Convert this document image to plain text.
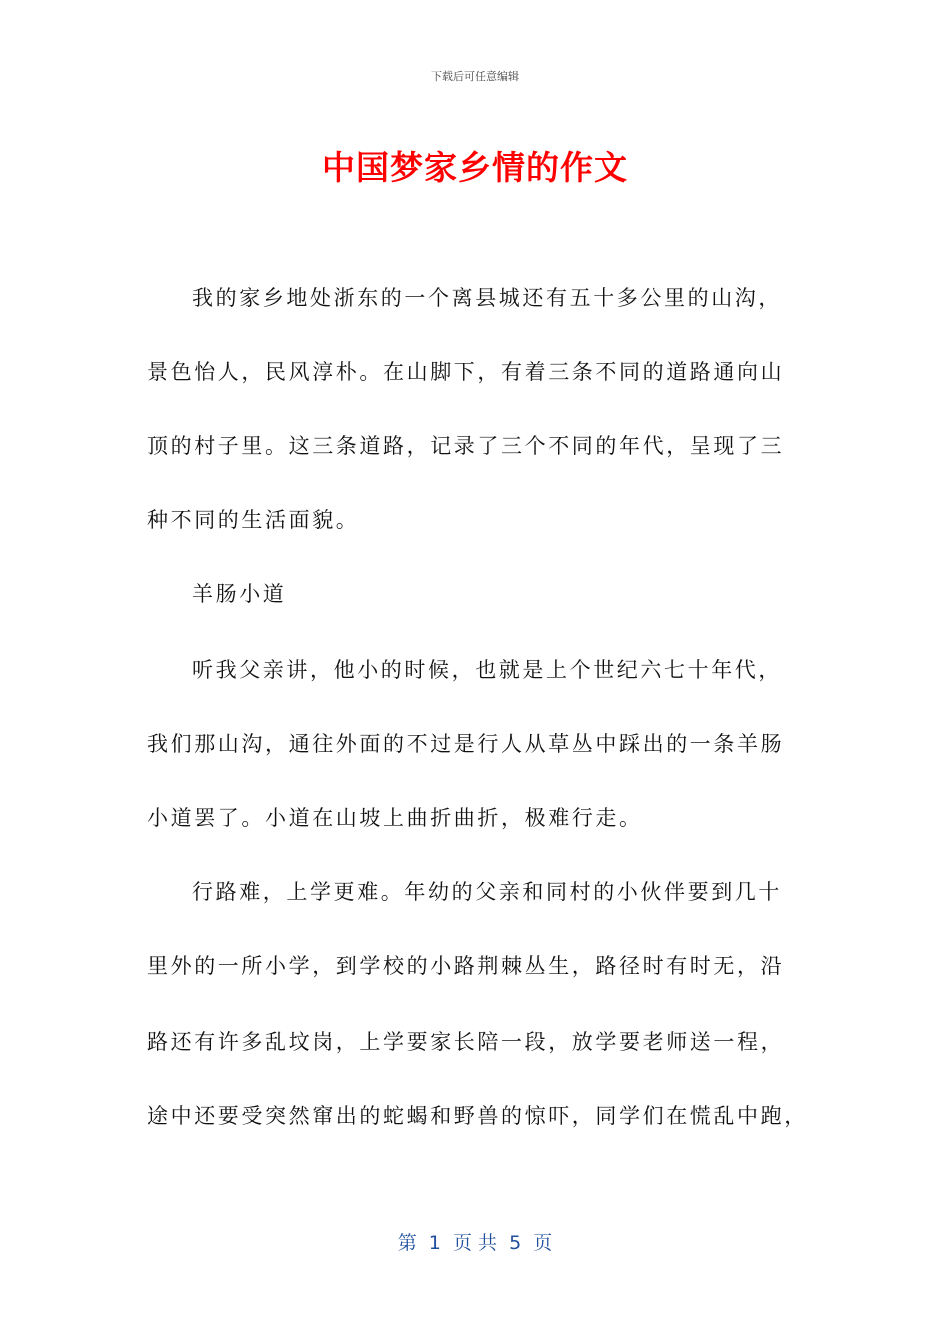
下载后可任意编辑
中国梦家乡情的作文
我的家乡地处浙东的一个离县城还有五十多公里的山沟，
景色怡人，民风淳朴。在山脚下，有着三条不同的道路通向山
顶的村子里。这三条道路，记录了三个不同的年代，呈现了三
种不同的生活面貌。
羊肠小道
听我父亲讲，他小的时候，也就是上个世纪六七十年代，
我们那山沟，通往外面的不过是行人从草丛中踩出的一条羊肠
小道罢了。小道在山坡上曲折曲折，极难行走。
行路难，上学更难。年幼的父亲和同村的小伙伴要到几十
里外的一所小学，到学校的小路荆棘丛生，路径时有时无，沿
路还有许多乱坟岗，上学要家长陪一段，放学要老师送一程，
途中还要受突然窜出的蛇蝎和野兽的惊吓，同学们在慌乱中跑，
第  1  页 共  5  页
